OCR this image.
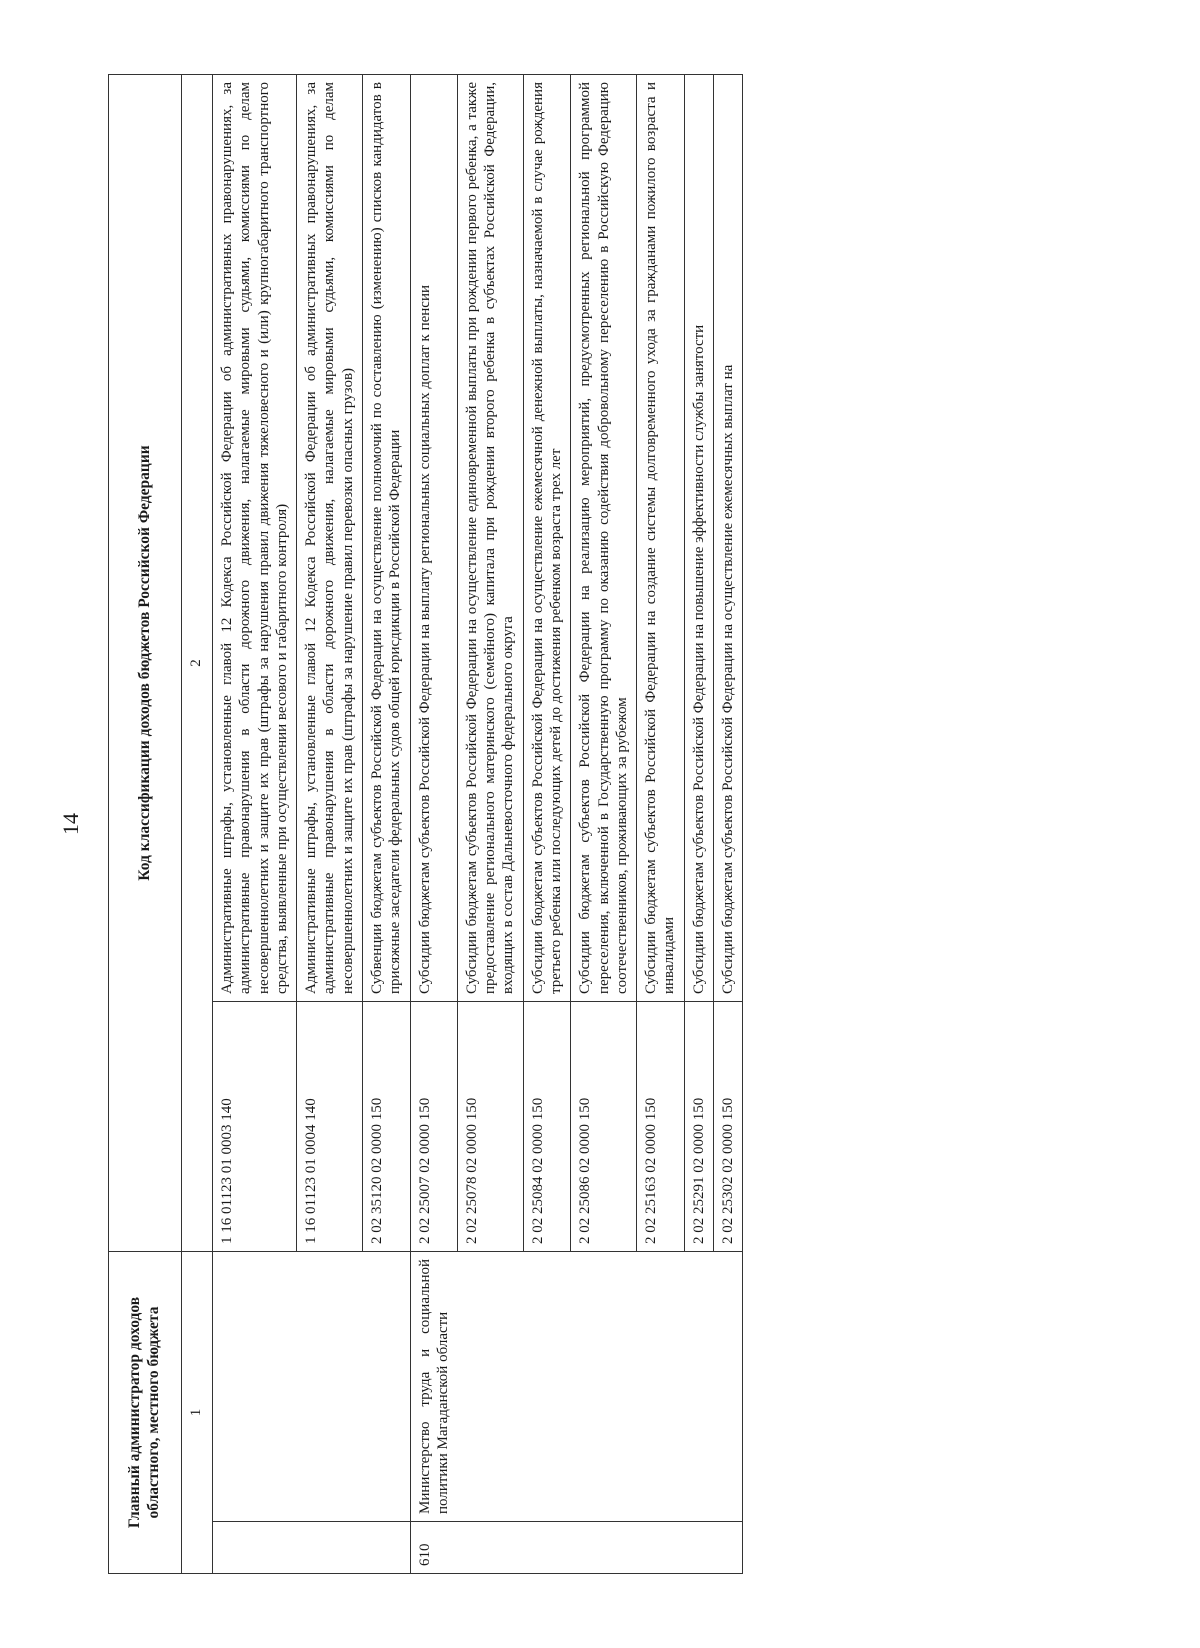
14
Главный администратор доходов областного, местного бюджета		Код классификации доходов бюджетов Российской Федерации	
1		2	
		1 16 01123 01 0003 140	Административные штрафы, установленные главой 12 Кодекса Российской Федерации об административных правонарушениях, за административные правонарушения в области дорожного движения, налагаемые мировыми судьями, комиссиями по делам несовершеннолетних и защите их прав (штрафы за нарушения правил движения тяжеловесного и (или) крупногабаритного транспортного средства, выявленные при осуществлении весового и габаритного контроля)
		1 16 01123 01 0004 140	Административные штрафы, установленные главой 12 Кодекса Российской Федерации об административных правонарушениях, за административные правонарушения в области дорожного движения, налагаемые мировыми судьями, комиссиями по делам несовершеннолетних и защите их прав (штрафы за нарушение правил перевозки опасных грузов)
		2 02 35120 02 0000 150	Субвенции бюджетам субъектов Российской Федерации на осуществление полномочий по составлению (изменению) списков кандидатов в присяжные заседатели федеральных судов общей юрисдикции в Российской Федерации
610	Министерство труда и социальной политики Магаданской области	2 02 25007 02 0000 150	Субсидии бюджетам субъектов Российской Федерации на выплату региональных социальных доплат к пенсии
		2 02 25078 02 0000 150	Субсидии бюджетам субъектов Российской Федерации на осуществление единовременной выплаты при рождении первого ребенка, а также предоставление регионального материнского (семейного) капитала при рождении второго ребенка в субъектах Российской Федерации, входящих в состав Дальневосточного федерального округа
		2 02 25084 02 0000 150	Субсидии бюджетам субъектов Российской Федерации на осуществление ежемесячной денежной выплаты, назначаемой в случае рождения третьего ребенка или последующих детей до достижения ребенком возраста трех лет
		2 02 25086 02 0000 150	Субсидии бюджетам субъектов Российской Федерации на реализацию мероприятий, предусмотренных региональной программой переселения, включенной в Государственную программу по оказанию содействия добровольному переселению в Российскую Федерацию соотечественников, проживающих за рубежом
		2 02 25163 02 0000 150	Субсидии бюджетам субъектов Российской Федерации на создание системы долговременного ухода за гражданами пожилого возраста и инвалидами
		2 02 25291 02 0000 150	Субсидии бюджетам субъектов Российской Федерации на повышение эффективности службы занятости
		2 02 25302 02 0000 150	Субсидии бюджетам субъектов Российской Федерации на осуществление ежемесячных выплат на
